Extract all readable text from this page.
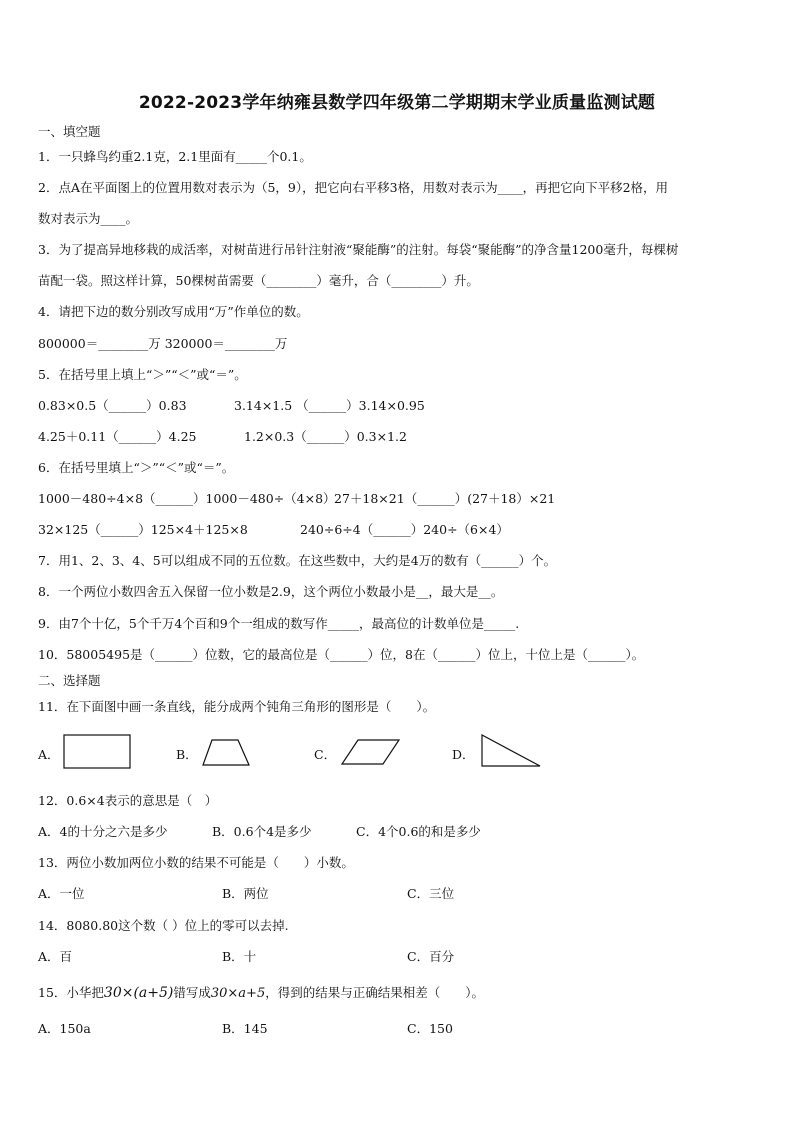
2022-2023学年纳雍县数学四年级第二学期期末学业质量监测试题
一、填空题
1．一只蜂鸟约重2.1克，2.1里面有_____个0.1。
2．点A在平面图上的位置用数对表示为（5，9），把它向右平移3格，用数对表示为____，再把它向下平移2格，用
数对表示为____。
3．为了提高异地移栽的成活率，对树苗进行吊针注射液“聚能酶”的注射。每袋“聚能酶”的净含量1200毫升，每棵树
苗配一袋。照这样计算，50棵树苗需要（________）毫升，合（________）升。
4．请把下边的数分别改写成用“万”作单位的数。
800000＝________万 320000＝________万
5．在括号里上填上“＞”“＜”或“＝”。
0.83×0.5（______）0.83	3.14×1.5 （______）3.14×0.95
4.25＋0.11（______）4.25	1.2×0.3（______）0.3×1.2
6．在括号里填上“＞”“＜”或“＝”。
1000－480÷4×8（______）1000－480÷（4×8）
27＋18×21（______）(27＋18）×21
32×125（______）125×4＋125×8	240÷6÷4（______）240÷（6×4）
7．用1、2、3、4、5可以组成不同的五位数。在这些数中，大约是4万的数有（______）个。
8．一个两位小数四舍五入保留一位小数是2.9，这个两位小数最小是__，最大是__。
9．由7个十亿，5个千万4个百和9个一组成的数写作_____，最高位的计数单位是_____.
10．58005495是（______）位数，它的最高位是（______）位，8在（______）位上，十位上是（______）。
二、选择题
11．在下面图中画一条直线，能分成两个钝角三角形的图形是（　　）。
A．	B．	C．	D．
12．0.6×4表示的意思是（　）
A．4的十分之六是多少	B．0.6个4是多少	C．4个0.6的和是多少
13．两位小数加两位小数的结果不可能是（　　）小数。
A．一位	B．两位	C．三位
14．8080.80这个数（ ）位上的零可以去掉.
A．百	B．十	C．百分
15．小华把30×(a+5)错写成30×a+5，得到的结果与正确结果相差（　　）。
A．150a	B．145	C．150
